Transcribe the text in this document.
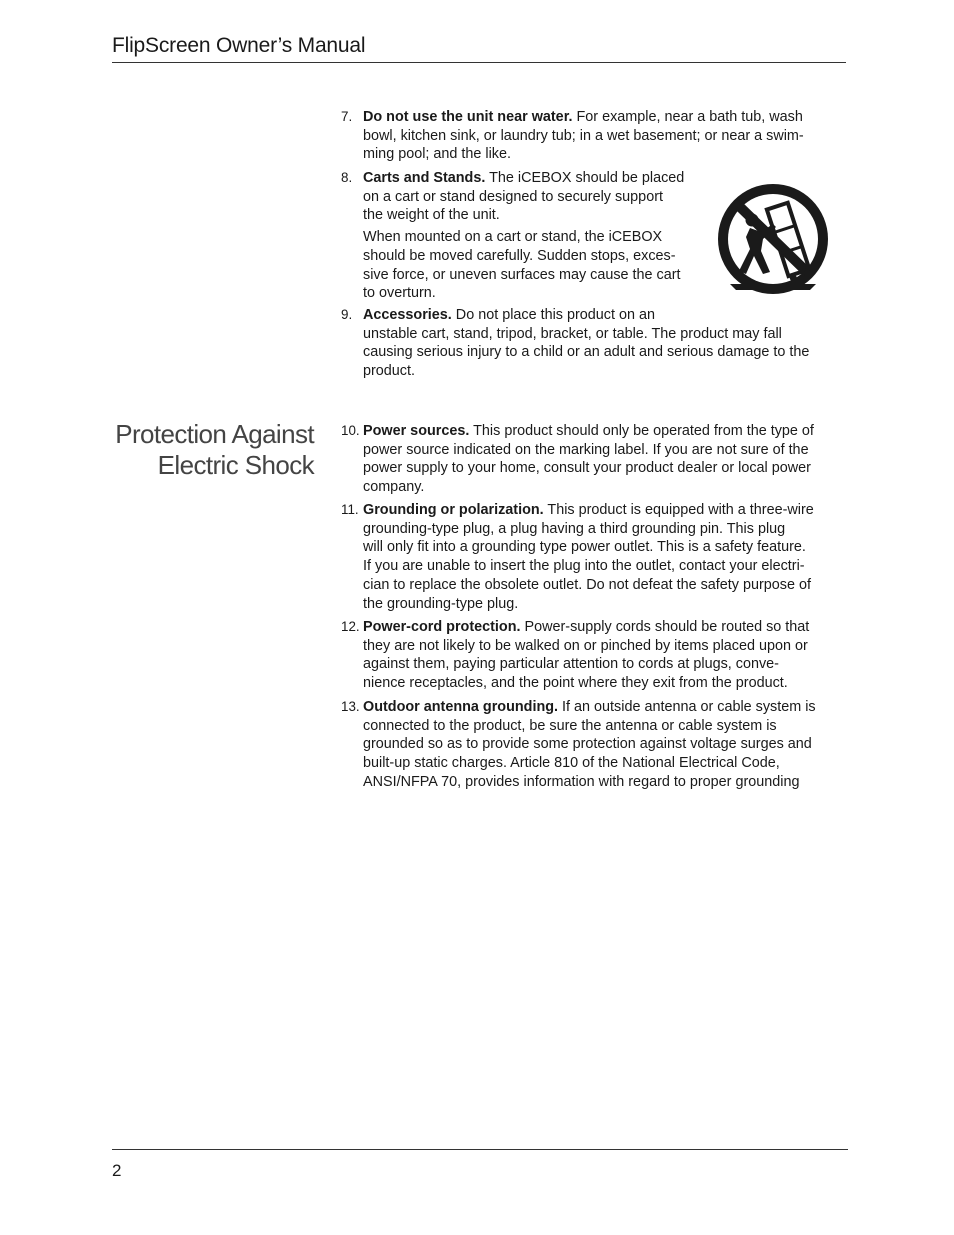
FlipScreen Owner’s Manual
7. Do not use the unit near water. For example, near a bath tub, wash
bowl, kitchen sink, or laundry tub; in a wet basement; or near a swim-
ming pool; and the like.
8. Carts and Stands. The iCEBOX should be placed
on a cart or stand designed to securely support
the weight of the unit.
When mounted on a cart or stand, the iCEBOX
should be moved carefully. Sudden stops, exces-
sive force, or uneven surfaces may cause the cart
to overturn.
9. Accessories. Do not place this product on an
unstable cart, stand, tripod, bracket, or table. The product may fall
causing serious injury to a child or an adult and serious damage to the
product.
Protection Against
Electric Shock
10. Power sources. This product should only be operated from the type of
power source indicated on the marking label. If you are not sure of the
power supply to your home, consult your product dealer or local power
company.
11. Grounding or polarization. This product is equipped with a three-wire
grounding-type plug, a plug having a third grounding pin. This plug
will only fit into a grounding type power outlet. This is a safety feature.
If you are unable to insert the plug into the outlet, contact your electri-
cian to replace the obsolete outlet. Do not defeat the safety purpose of
the grounding-type plug.
12. Power-cord protection. Power-supply cords should be routed so that
they are not likely to be walked on or pinched by items placed upon or
against them, paying particular attention to cords at plugs, conve-
nience receptacles, and the point where they exit from the product.
13. Outdoor antenna grounding. If an outside antenna or cable system is
connected to the product, be sure the antenna or cable system is
grounded so as to provide some protection against voltage surges and
built-up static charges. Article 810 of the National Electrical Code,
ANSI/NFPA 70, provides information with regard to proper grounding
2
